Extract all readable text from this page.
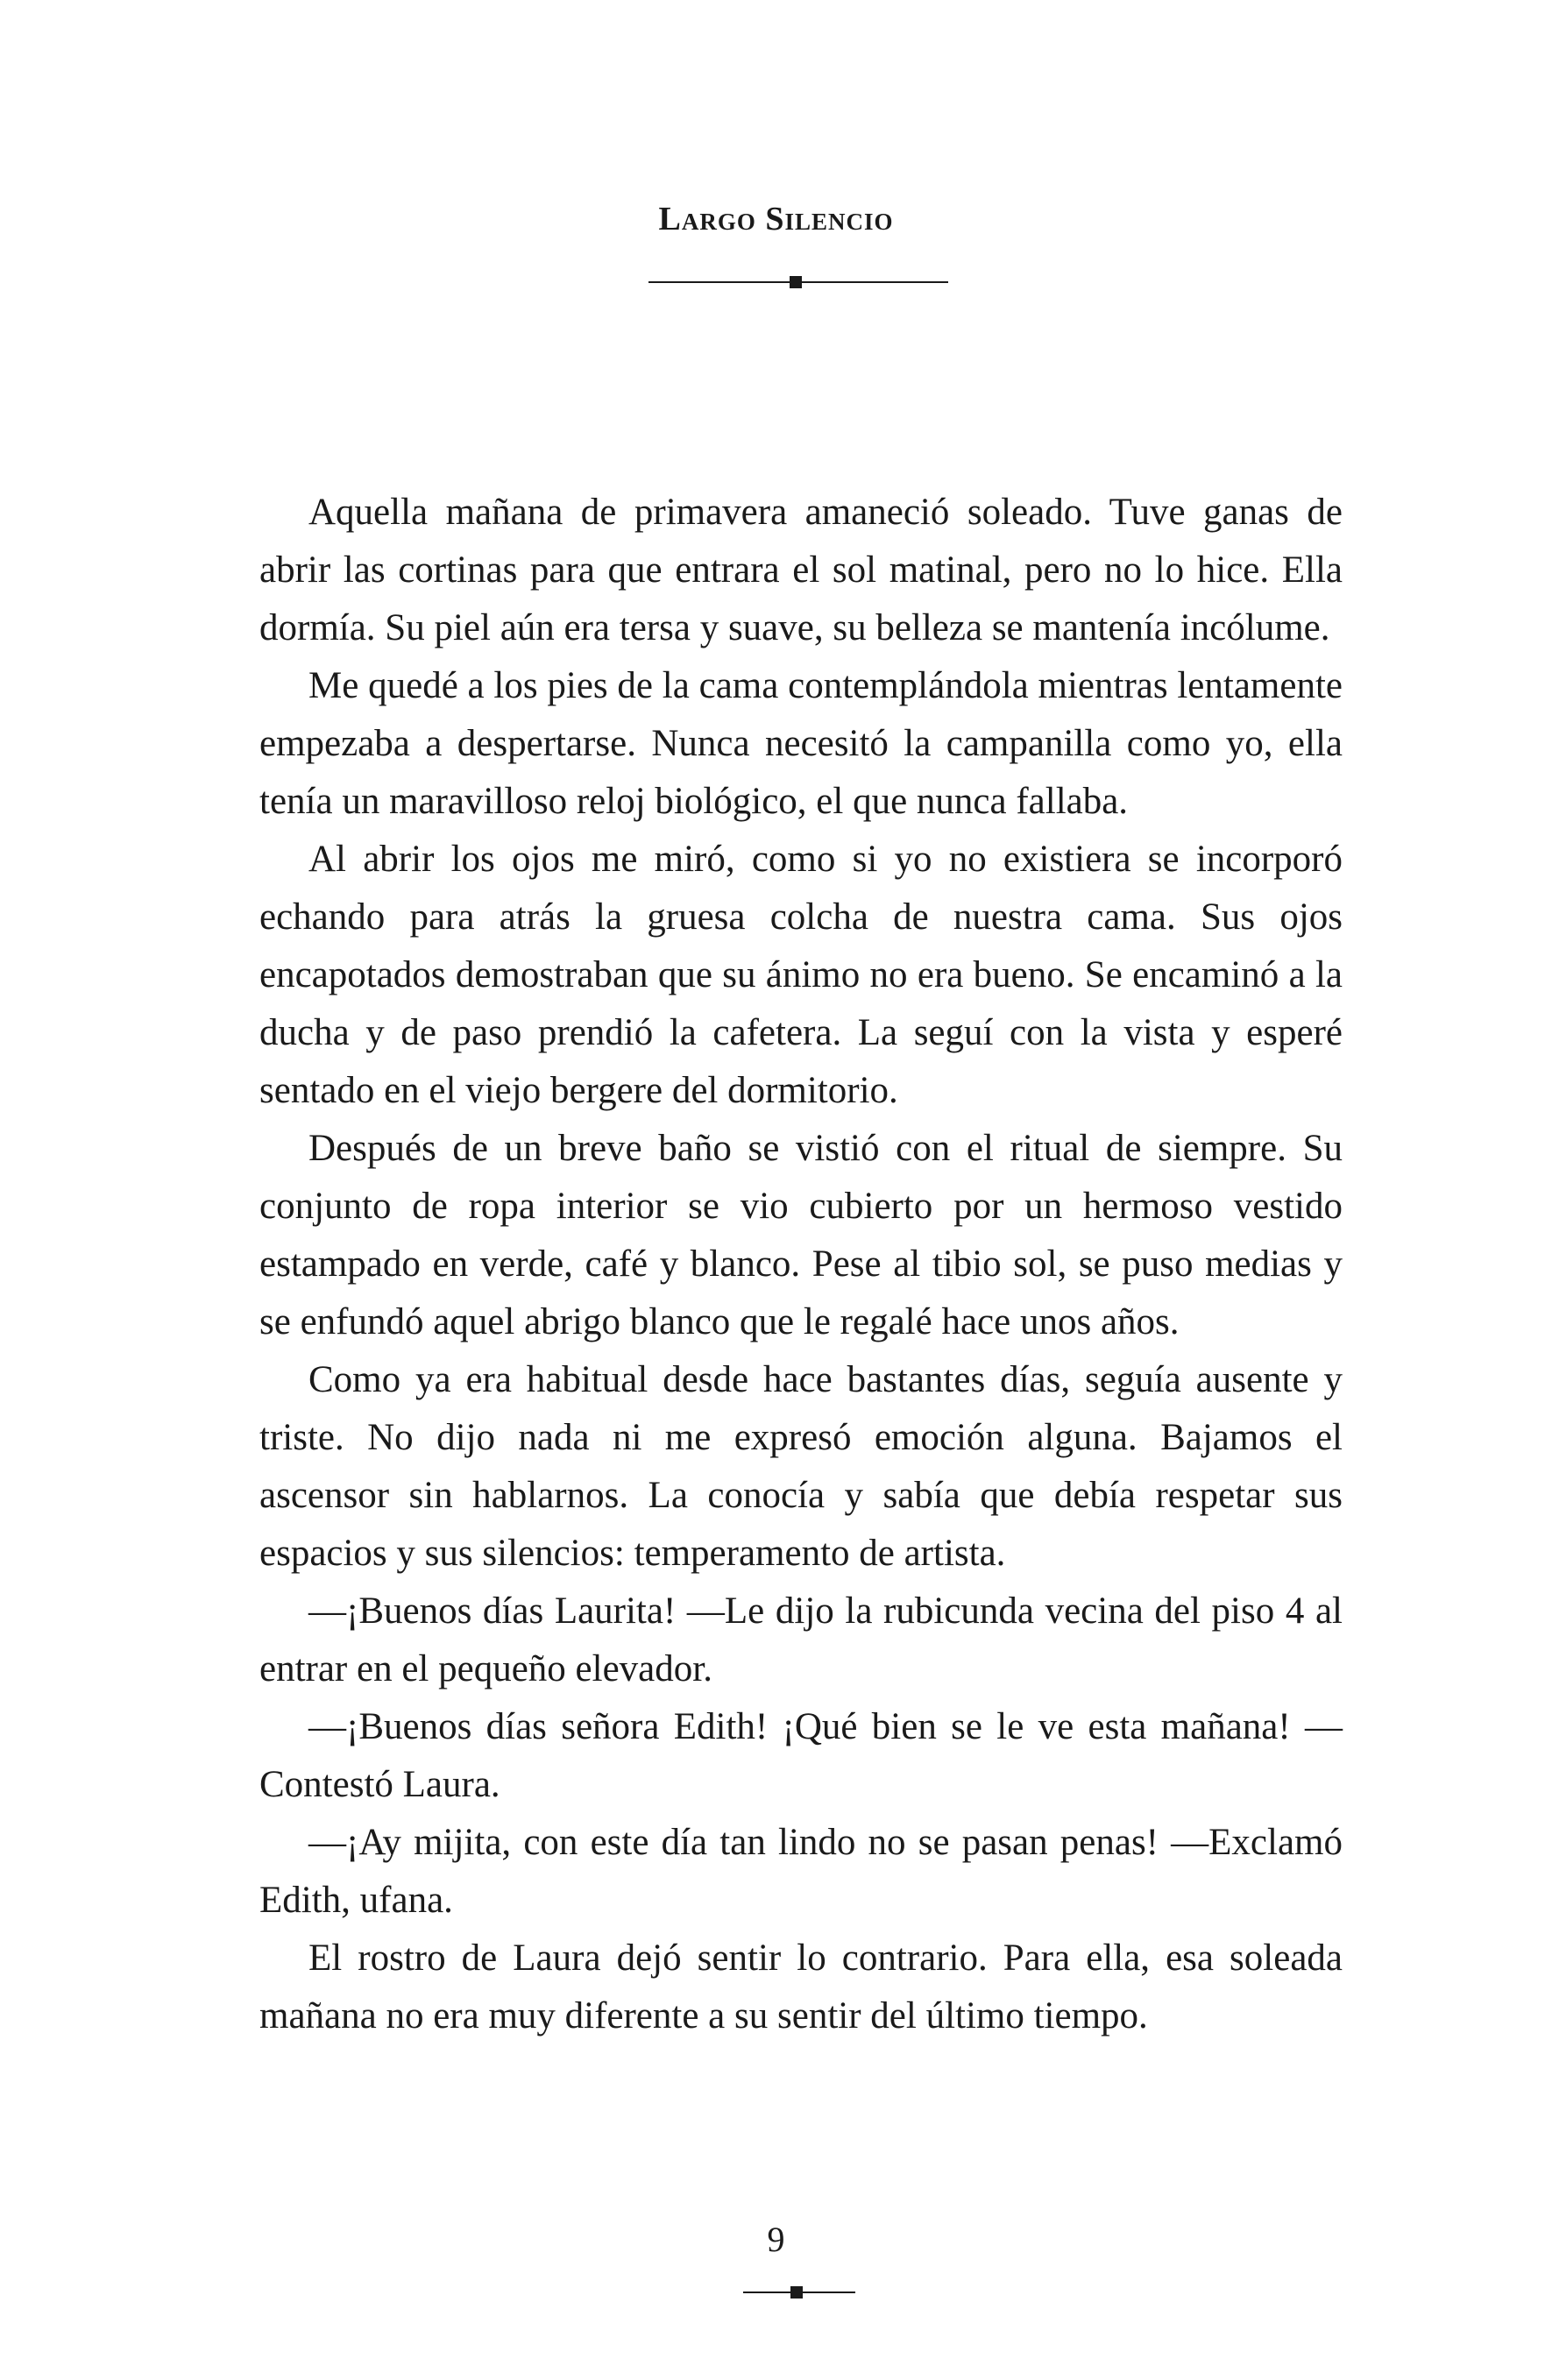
Largo Silencio

Aquella mañana de primavera amaneció soleado. Tuve ganas de abrir las cortinas para que entrara el sol matinal, pero no lo hice. Ella dormía. Su piel aún era tersa y suave, su belleza se mantenía incólume.

Me quedé a los pies de la cama contemplándola mientras lentamente empezaba a despertarse. Nunca necesitó la campanilla como yo, ella tenía un maravilloso reloj biológico, el que nunca fallaba.

Al abrir los ojos me miró, como si yo no existiera se incorporó echando para atrás la gruesa colcha de nuestra cama. Sus ojos encapotados demostraban que su ánimo no era bueno. Se encaminó a la ducha y de paso prendió la cafetera. La seguí con la vista y esperé sentado en el viejo bergere del dormitorio.

Después de un breve baño se vistió con el ritual de siempre. Su conjunto de ropa interior se vio cubierto por un hermoso vestido estampado en verde, café y blanco. Pese al tibio sol, se puso medias y se enfundó aquel abrigo blanco que le regalé hace unos años.

Como ya era habitual desde hace bastantes días, seguía ausente y triste. No dijo nada ni me expresó emoción alguna. Bajamos el ascensor sin hablarnos. La conocía y sabía que debía respetar sus espacios y sus silencios: temperamento de artista.

—¡Buenos días Laurita! —Le dijo la rubicunda vecina del piso 4 al entrar en el pequeño elevador.

—¡Buenos días señora Edith! ¡Qué bien se le ve esta mañana! —Contestó Laura.

—¡Ay mijita, con este día tan lindo no se pasan penas! —Exclamó Edith, ufana.

El rostro de Laura dejó sentir lo contrario. Para ella, esa soleada mañana no era muy diferente a su sentir del último tiempo.

9
